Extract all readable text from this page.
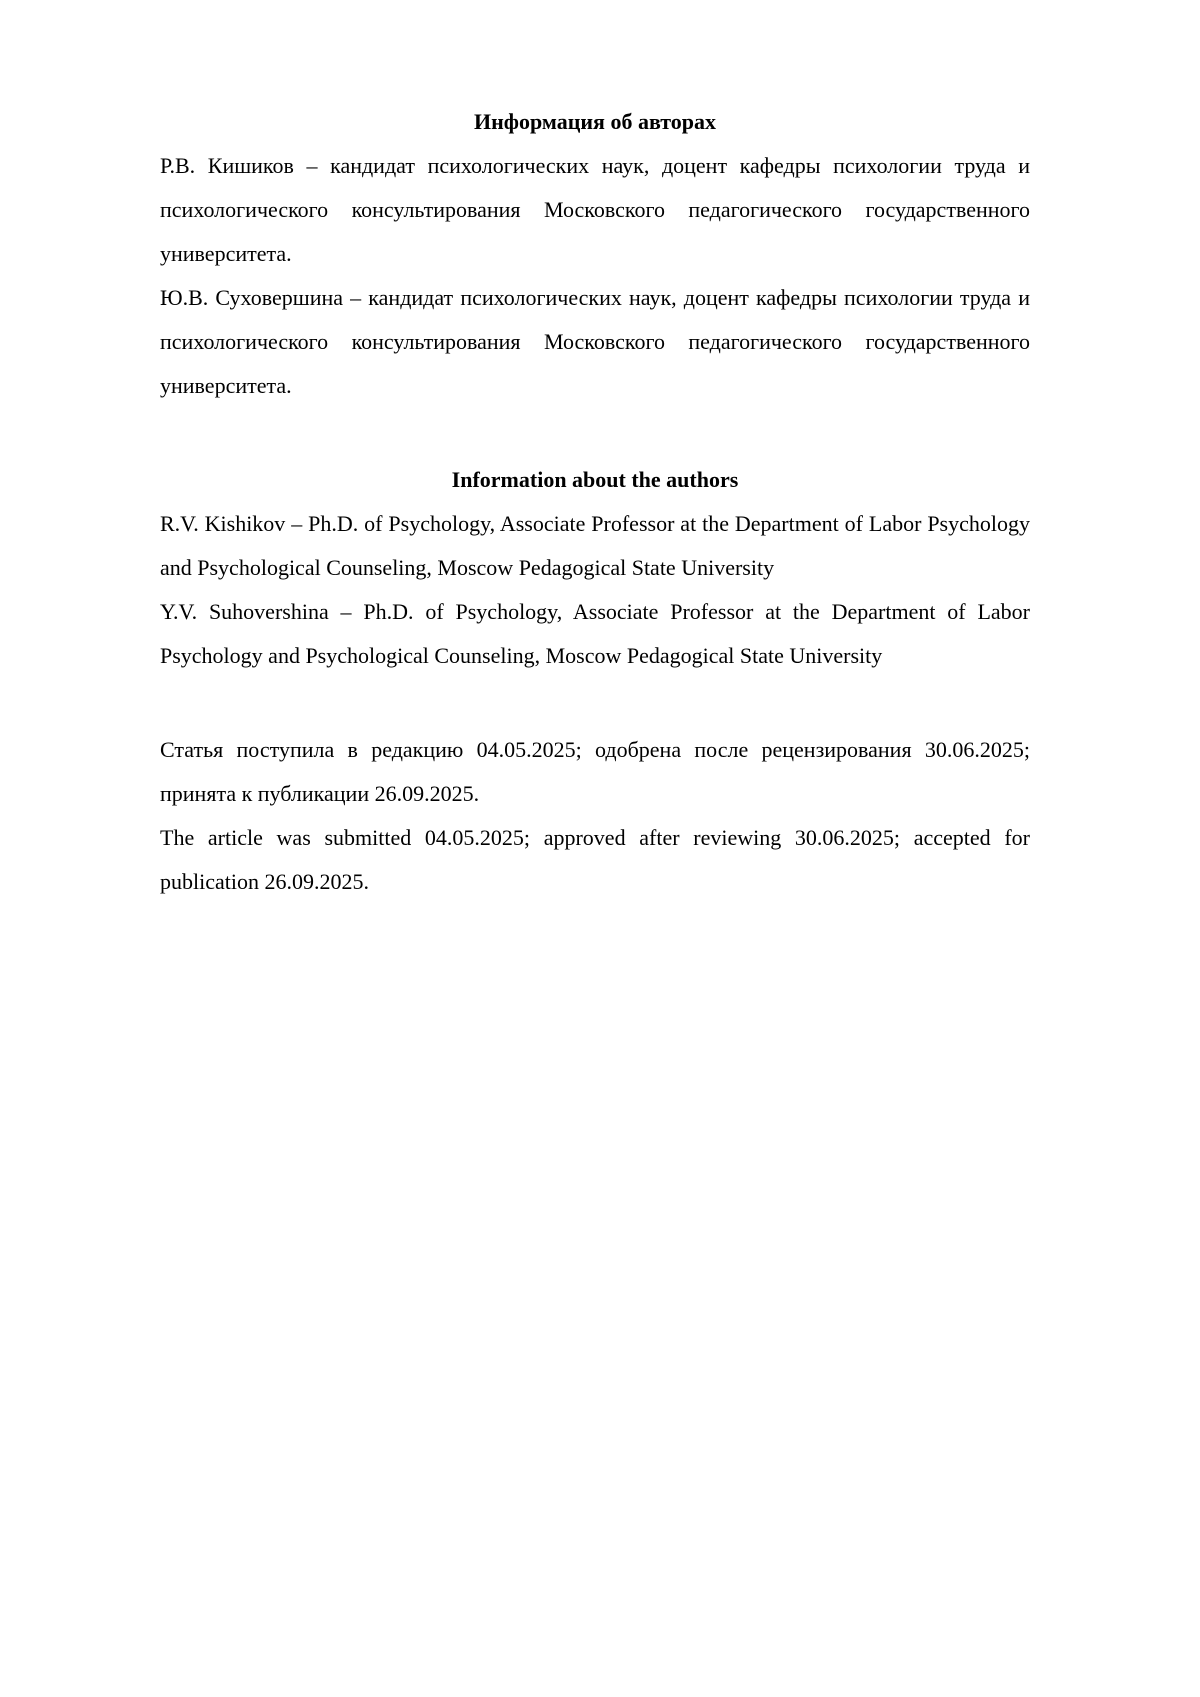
Информация об авторах

Р.В. Кишиков – кандидат психологических наук, доцент кафедры психологии труда и психологического консультирования Московского педагогического государственного университета.

Ю.В. Суховершина – кандидат психологических наук, доцент кафедры психологии труда и психологического консультирования Московского педагогического государственного университета.

Information about the authors

R.V. Kishikov – Ph.D. of Psychology, Associate Professor at the Department of Labor Psychology and Psychological Counseling, Moscow Pedagogical State University

Y.V. Suhovershina – Ph.D. of Psychology, Associate Professor at the Department of Labor Psychology and Psychological Counseling, Moscow Pedagogical State University

Статья поступила в редакцию 04.05.2025; одобрена после рецензирования 30.06.2025; принята к публикации 26.09.2025.

The article was submitted 04.05.2025; approved after reviewing 30.06.2025; accepted for publication 26.09.2025.
